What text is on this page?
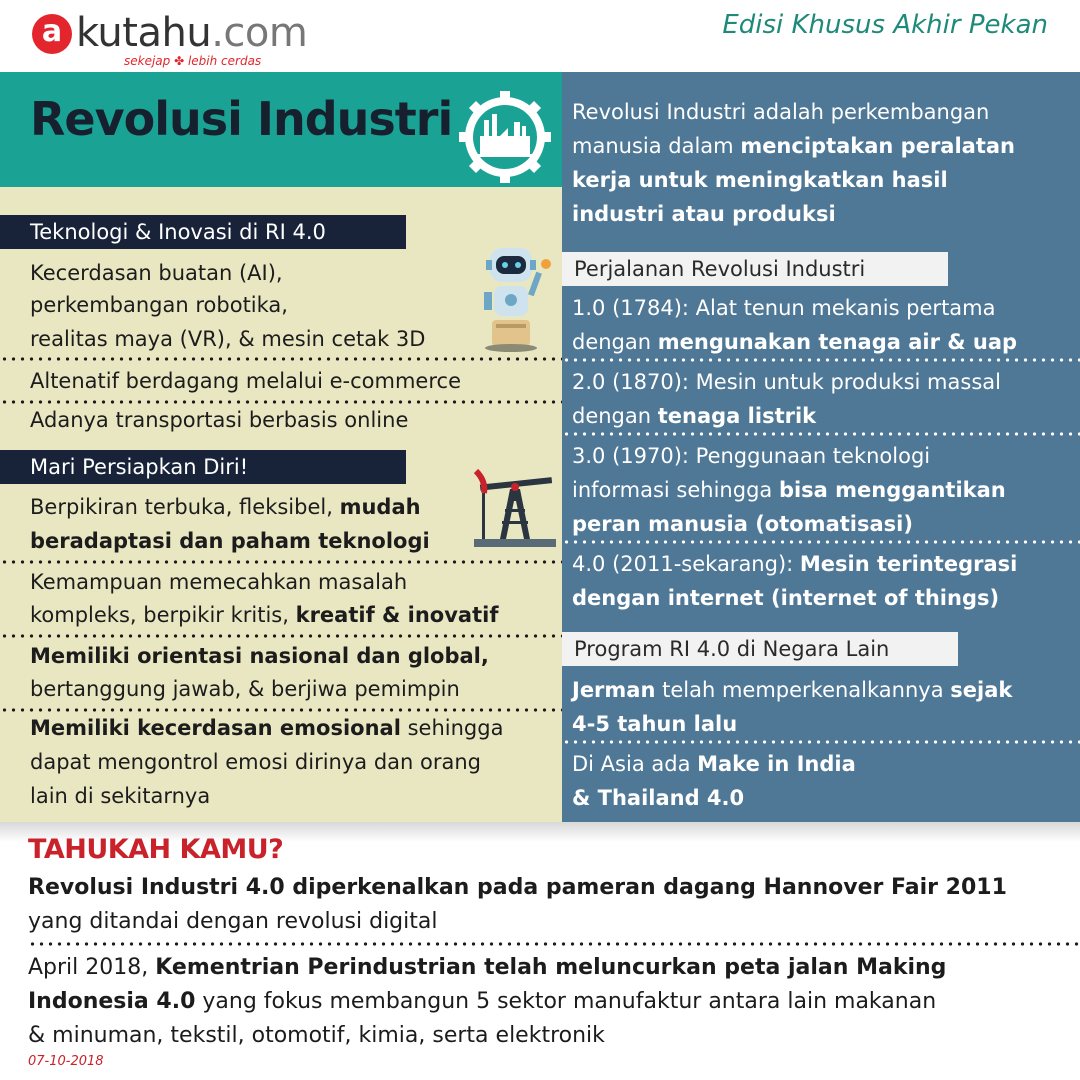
a kutahu.com
sekejap ✤ lebih cerdas
Edisi Khusus Akhir Pekan
Revolusi Industri
Teknologi & Inovasi di RI 4.0
Kecerdasan buatan (AI),
perkembangan robotika,
realitas maya (VR), & mesin cetak 3D
Altenatif berdagang melalui e-commerce
Adanya transportasi berbasis online
Mari Persiapkan Diri!
Berpikiran terbuka, fleksibel, mudah
beradaptasi dan paham teknologi
Kemampuan memecahkan masalah
kompleks, berpikir kritis, kreatif & inovatif
Memiliki orientasi nasional dan global,
bertanggung jawab, & berjiwa pemimpin
Memiliki kecerdasan emosional sehingga
dapat mengontrol emosi dirinya dan orang
lain di sekitarnya
Revolusi Industri adalah perkembangan
manusia dalam menciptakan peralatan
kerja untuk meningkatkan hasil
industri atau produksi
Perjalanan Revolusi Industri
1.0 (1784): Alat tenun mekanis pertama
dengan mengunakan tenaga air & uap
2.0 (1870): Mesin untuk produksi massal
dengan tenaga listrik
3.0 (1970): Penggunaan teknologi
informasi sehingga bisa menggantikan
peran manusia (otomatisasi)
4.0 (2011-sekarang): Mesin terintegrasi
dengan internet (internet of things)
Program RI 4.0 di Negara Lain
Jerman telah memperkenalkannya sejak
4-5 tahun lalu
Di Asia ada Make in India
& Thailand 4.0
TAHUKAH KAMU?
Revolusi Industri 4.0 diperkenalkan pada pameran dagang Hannover Fair 2011
yang ditandai dengan revolusi digital
April 2018, Kementrian Perindustrian telah meluncurkan peta jalan Making
Indonesia 4.0 yang fokus membangun 5 sektor manufaktur antara lain makanan
& minuman, tekstil, otomotif, kimia, serta elektronik
07-10-2018
